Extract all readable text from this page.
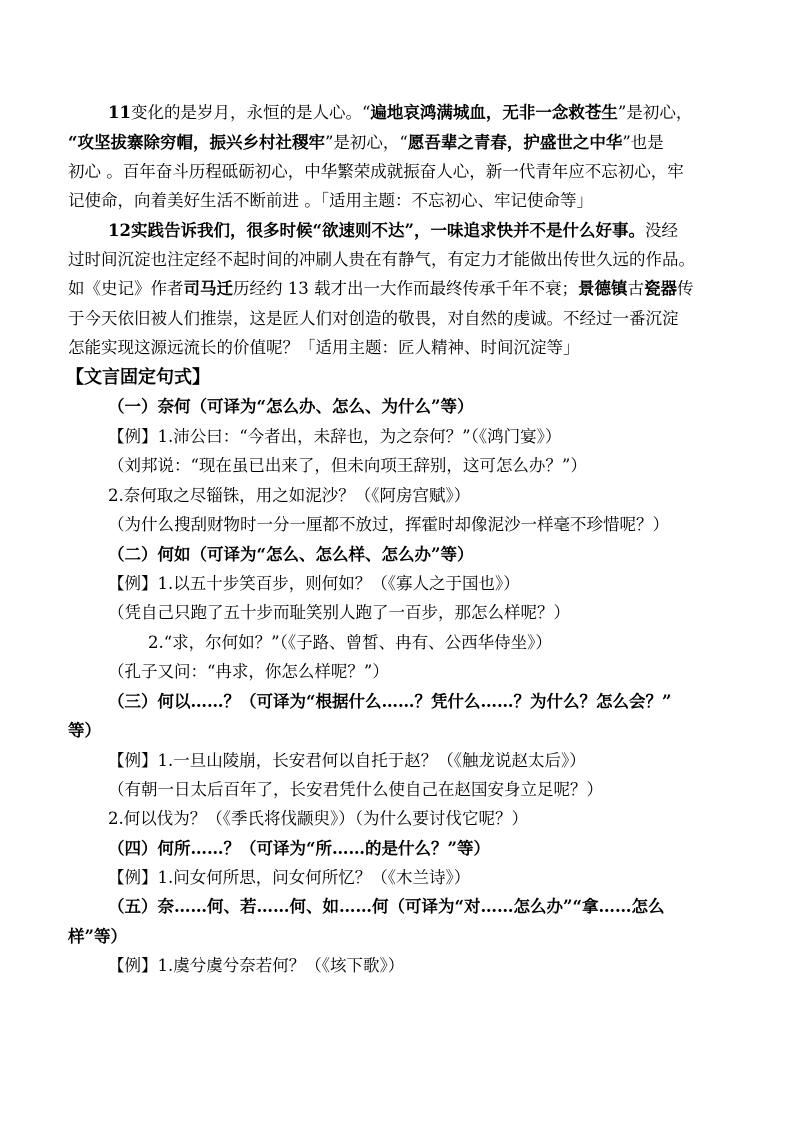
11变化的是岁月，永恒的是人心。“遍地哀鸿满城血，无非一念救苍生”是初心，
“攻坚拔寨除穷帽，振兴乡村社稷牢”是初心，“愿吾辈之青春，护盛世之中华”也是
初心 。百年奋斗历程砥砺初心，中华繁荣成就振奋人心，新一代青年应不忘初心，牢
记使命，向着美好生活不断前进 。「适用主题：不忘初心、牢记使命等」
12实践告诉我们，很多时候“欲速则不达”，一味追求快并不是什么好事。没经
过时间沉淀也注定经不起时间的冲刷人贵在有静气，有定力才能做出传世久远的作品。
如《史记》作者司马迁历经约 13 载才出一大作而最终传承千年不衰；景德镇古瓷器传
于今天依旧被人们推崇，这是匠人们对创造的敬畏，对自然的虔诚。不经过一番沉淀
怎能实现这源远流长的价值呢？「适用主题：匠人精神、时间沉淀等」
【文言固定句式】
（一）奈何（可译为“怎么办、怎么、为什么”等）
【例】1.沛公曰：“今者出，未辞也，为之奈何？”（《鸿门宴》）
（刘邦说：“现在虽已出来了，但未向项王辞别，这可怎么办？”）
2.奈何取之尽锱铢，用之如泥沙？（《阿房宫赋》）
（为什么搜刮财物时一分一厘都不放过，挥霍时却像泥沙一样毫不珍惜呢？）
（二）何如（可译为“怎么、怎么样、怎么办”等）
【例】1.以五十步笑百步，则何如？（《寡人之于国也》）
（凭自己只跑了五十步而耻笑别人跑了一百步，那怎么样呢？）
2.“求，尔何如？”（《子路、曾皙、冉有、公西华侍坐》）
（孔子又问：“冉求，你怎么样呢？”）
（三）何以……？（可译为“根据什么……？凭什么……？为什么？怎么会？”
等）
【例】1.一旦山陵崩，长安君何以自托于赵？（《触龙说赵太后》）
（有朝一日太后百年了，长安君凭什么使自己在赵国安身立足呢？）
2.何以伐为？（《季氏将伐颛臾》）（为什么要讨伐它呢？）
（四）何所……？（可译为“所……的是什么？”等）
【例】1.问女何所思，问女何所忆？（《木兰诗》）
（五）奈……何、若……何、如……何（可译为“对……怎么办”“拿……怎么
样”等）
【例】1.虞兮虞兮奈若何？（《垓下歌》）
